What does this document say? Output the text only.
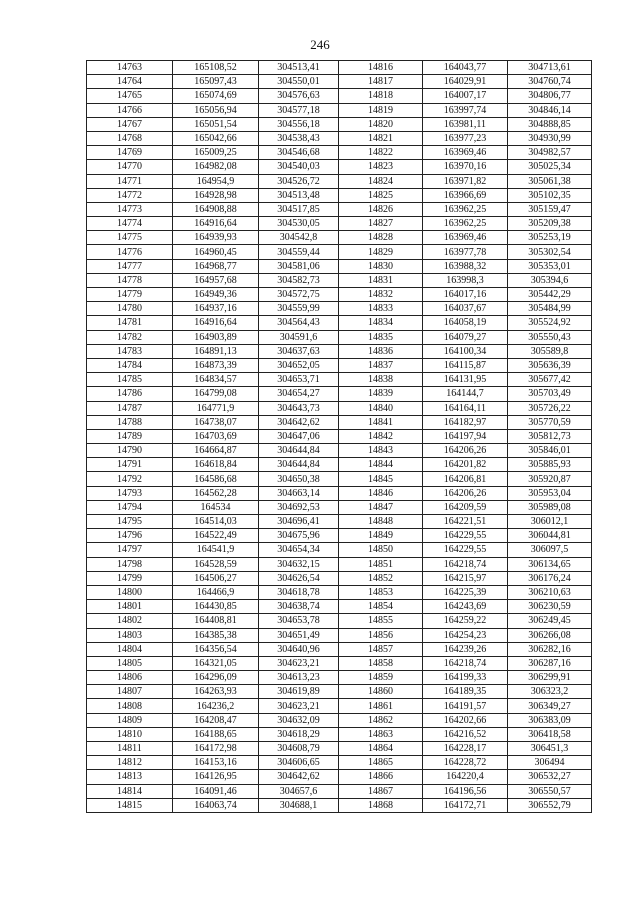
246
14763	165108,52	304513,41	14816	164043,77	304713,61
14764	165097,43	304550,01	14817	164029,91	304760,74
14765	165074,69	304576,63	14818	164007,17	304806,77
14766	165056,94	304577,18	14819	163997,74	304846,14
14767	165051,54	304556,18	14820	163981,11	304888,85
14768	165042,66	304538,43	14821	163977,23	304930,99
14769	165009,25	304546,68	14822	163969,46	304982,57
14770	164982,08	304540,03	14823	163970,16	305025,34
14771	164954,9	304526,72	14824	163971,82	305061,38
14772	164928,98	304513,48	14825	163966,69	305102,35
14773	164908,88	304517,85	14826	163962,25	305159,47
14774	164916,64	304530,05	14827	163962,25	305209,38
14775	164939,93	304542,8	14828	163969,46	305253,19
14776	164960,45	304559,44	14829	163977,78	305302,54
14777	164968,77	304581,06	14830	163988,32	305353,01
14778	164957,68	304582,73	14831	163998,3	305394,6
14779	164949,36	304572,75	14832	164017,16	305442,29
14780	164937,16	304559,99	14833	164037,67	305484,99
14781	164916,64	304564,43	14834	164058,19	305524,92
14782	164903,89	304591,6	14835	164079,27	305550,43
14783	164891,13	304637,63	14836	164100,34	305589,8
14784	164873,39	304652,05	14837	164115,87	305636,39
14785	164834,57	304653,71	14838	164131,95	305677,42
14786	164799,08	304654,27	14839	164144,7	305703,49
14787	164771,9	304643,73	14840	164164,11	305726,22
14788	164738,07	304642,62	14841	164182,97	305770,59
14789	164703,69	304647,06	14842	164197,94	305812,73
14790	164664,87	304644,84	14843	164206,26	305846,01
14791	164618,84	304644,84	14844	164201,82	305885,93
14792	164586,68	304650,38	14845	164206,81	305920,87
14793	164562,28	304663,14	14846	164206,26	305953,04
14794	164534	304692,53	14847	164209,59	305989,08
14795	164514,03	304696,41	14848	164221,51	306012,1
14796	164522,49	304675,96	14849	164229,55	306044,81
14797	164541,9	304654,34	14850	164229,55	306097,5
14798	164528,59	304632,15	14851	164218,74	306134,65
14799	164506,27	304626,54	14852	164215,97	306176,24
14800	164466,9	304618,78	14853	164225,39	306210,63
14801	164430,85	304638,74	14854	164243,69	306230,59
14802	164408,81	304653,78	14855	164259,22	306249,45
14803	164385,38	304651,49	14856	164254,23	306266,08
14804	164356,54	304640,96	14857	164239,26	306282,16
14805	164321,05	304623,21	14858	164218,74	306287,16
14806	164296,09	304613,23	14859	164199,33	306299,91
14807	164263,93	304619,89	14860	164189,35	306323,2
14808	164236,2	304623,21	14861	164191,57	306349,27
14809	164208,47	304632,09	14862	164202,66	306383,09
14810	164188,65	304618,29	14863	164216,52	306418,58
14811	164172,98	304608,79	14864	164228,17	306451,3
14812	164153,16	304606,65	14865	164228,72	306494
14813	164126,95	304642,62	14866	164220,4	306532,27
14814	164091,46	304657,6	14867	164196,56	306550,57
14815	164063,74	304688,1	14868	164172,71	306552,79
